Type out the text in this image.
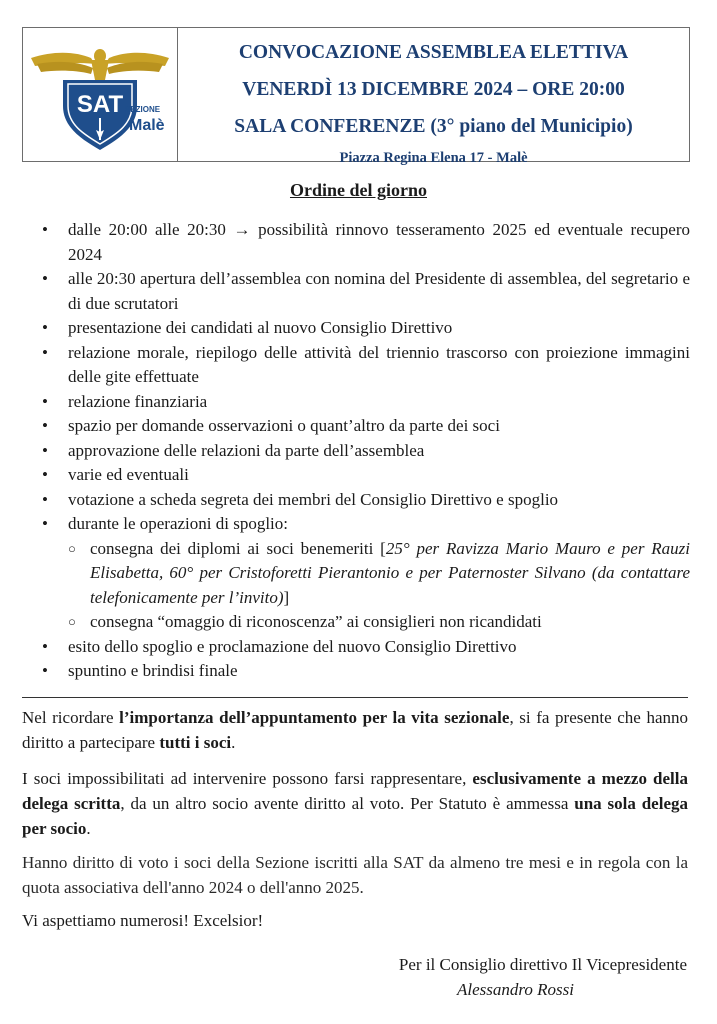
SAT SEZIONE
Malè
CONVOCAZIONE ASSEMBLEA ELETTIVA
VENERDÌ 13 DICEMBRE 2024 – ORE 20:00
SALA CONFERENZE (3° piano del Municipio)
Piazza Regina Elena 17 - Malè
Ordine del giorno
• dalle 20:00 alle 20:30 → possibilità rinnovo tesseramento 2025 ed eventuale recupero 2024
• alle 20:30 apertura dell’assemblea con nomina del Presidente di assemblea, del segretario e di due scrutatori
• presentazione dei candidati al nuovo Consiglio Direttivo
• relazione morale, riepilogo delle attività del triennio trascorso con proiezione immagini delle gite effettuate
• relazione finanziaria
• spazio per domande osservazioni o quant’altro da parte dei soci
• approvazione delle relazioni da parte dell’assemblea
• varie ed eventuali
• votazione a scheda segreta dei membri del Consiglio Direttivo e spoglio
• durante le operazioni di spoglio:
○ consegna dei diplomi ai soci benemeriti [25° per Ravizza Mario Mauro e per Rauzi Elisabetta, 60° per Cristoforetti Pierantonio e per Paternoster Silvano (da contattare telefonicamente per l’invito)]
○ consegna “omaggio di riconoscenza” ai consiglieri non ricandidati
• esito dello spoglio e proclamazione del nuovo Consiglio Direttivo
• spuntino e brindisi finale
Nel ricordare l’importanza dell’appuntamento per la vita sezionale, si fa presente che hanno diritto a partecipare tutti i soci.
I soci impossibilitati ad intervenire possono farsi rappresentare, esclusivamente a mezzo della delega scritta, da un altro socio avente diritto al voto. Per Statuto è ammessa una sola delega per socio.
Hanno diritto di voto i soci della Sezione iscritti alla SAT da almeno tre mesi e in regola con la quota associativa dell'anno 2024 o dell'anno 2025.
Vi aspettiamo numerosi! Excelsior!
Per il Consiglio direttivo Il Vicepresidente
Alessandro Rossi
